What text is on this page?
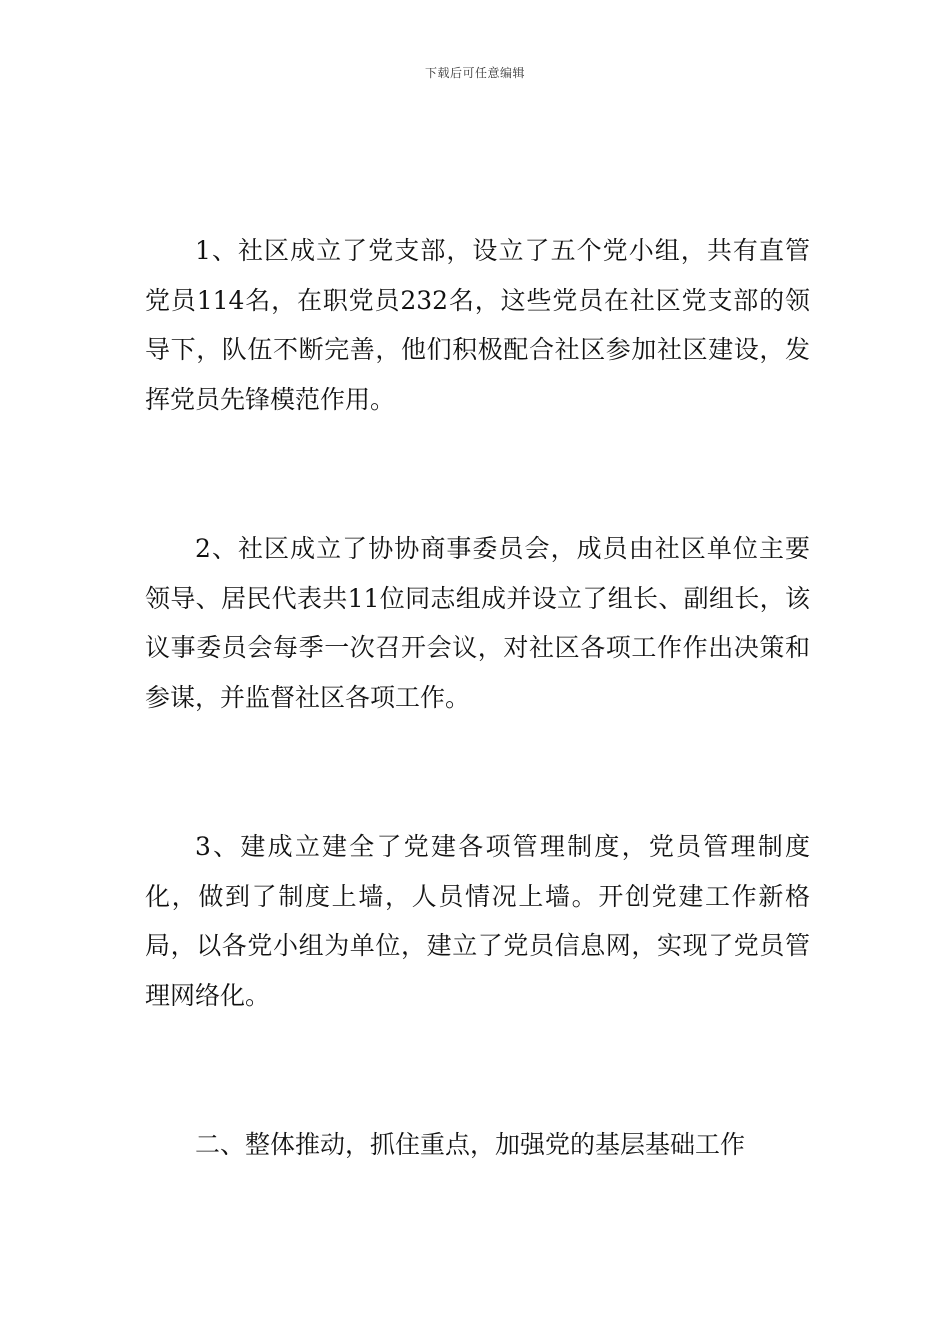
下载后可任意编辑

1、社区成立了党支部，设立了五个党小组，共有直管党员114名，在职党员232名，这些党员在社区党支部的领导下，队伍不断完善，他们积极配合社区参加社区建设，发挥党员先锋模范作用。

2、社区成立了协协商事委员会，成员由社区单位主要领导、居民代表共11位同志组成并设立了组长、副组长，该议事委员会每季一次召开会议，对社区各项工作作出决策和参谋，并监督社区各项工作。

3、建成立建全了党建各项管理制度，党员管理制度化，做到了制度上墙，人员情况上墙。开创党建工作新格局，以各党小组为单位，建立了党员信息网，实现了党员管理网络化。

二、整体推动，抓住重点，加强党的基层基础工作
